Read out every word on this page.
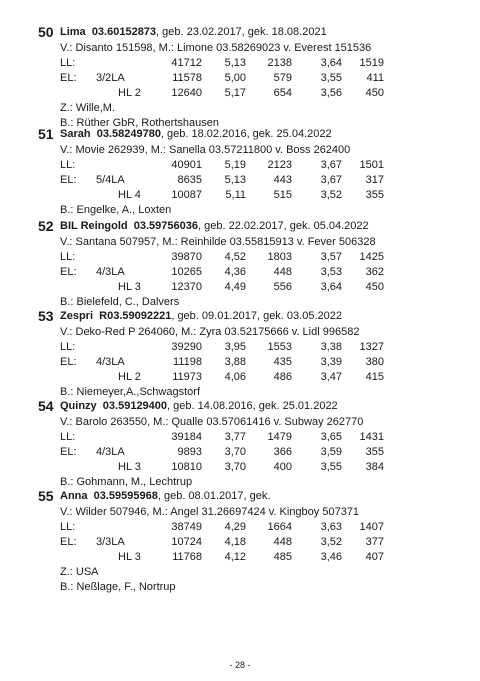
50 Lima 03.60152873, geb. 23.02.2017, gek. 18.08.2021
V.: Disanto 151598, M.: Limone 03.58269023 v. Everest 151536
LL:	41712	5,13	2138	3,64	1519
EL: 3/2LA	11578	5,00	579	3,55	411
HL 2	12640	5,17	654	3,56	450
Z.: Wille,M.
B.: Rüther GbR, Rothertshausen
51 Sarah 03.58249780, geb. 18.02.2016, gek. 25.04.2022
V.: Movie 262939, M.: Sanella 03.57211800 v. Boss 262400
LL:	40901	5,19	2123	3,67	1501
EL: 5/4LA	8635	5,13	443	3,67	317
HL 4	10087	5,11	515	3,52	355
B.: Engelke, A., Loxten
52 BIL Reingold 03.59756036, geb. 22.02.2017, gek. 05.04.2022
V.: Santana 507957, M.: Reinhilde 03.55815913 v. Fever 506328
LL:	39870	4,52	1803	3,57	1425
EL: 4/3LA	10265	4,36	448	3,53	362
HL 3	12370	4,49	556	3,64	450
B.: Bielefeld, C., Dalvers
53 Zespri R03.59092221, geb. 09.01.2017, gek. 03.05.2022
V.: Deko-Red P 264060, M.: Zyra 03.52175666 v. Lidl 996582
LL:	39290	3,95	1553	3,38	1327
EL: 4/3LA	11198	3,88	435	3,39	380
HL 2	11973	4,06	486	3,47	415
B.: Niemeyer,A.,Schwagstorf
54 Quinzy 03.59129400, geb. 14.08.2016, gek. 25.01.2022
V.: Barolo 263550, M.: Qualle 03.57061416 v. Subway 262770
LL:	39184	3,77	1479	3,65	1431
EL: 4/3LA	9893	3,70	366	3,59	355
HL 3	10810	3,70	400	3,55	384
B.: Gohmann, M., Lechtrup
55 Anna 03.59595968, geb. 08.01.2017, gek.
V.: Wilder 507946, M.: Angel 31.26697424 v. Kingboy 507371
LL:	38749	4,29	1664	3,63	1407
EL: 3/3LA	10724	4,18	448	3,52	377
HL 3	11768	4,12	485	3,46	407
Z.: USA
B.: Neßlage, F., Nortrup
- 28 -
